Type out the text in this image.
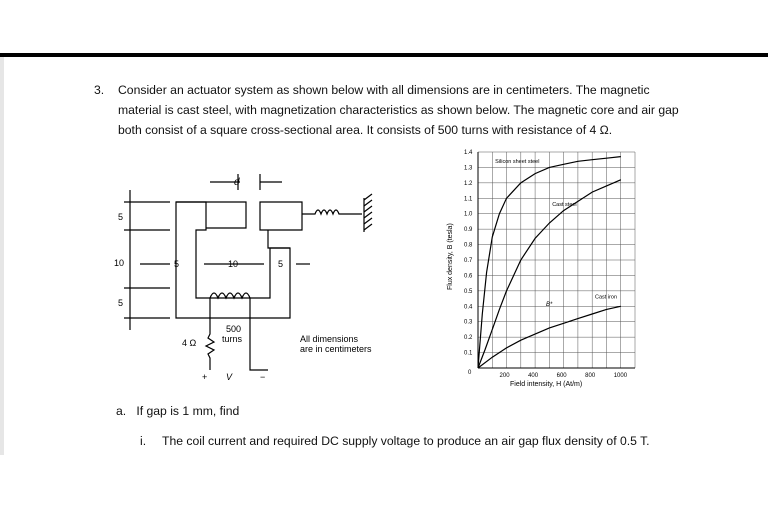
3. Consider an actuator system as shown below with all dimensions are in centimeters. The magnetic material is cast steel, with magnetization characteristics as shown below. The magnetic core and air gap both consist of a square cross-sectional area. It consists of 500 turns with resistance of 4 Ω.
d
5
10
5
5	10	5
500
turns
4 Ω
+ V	−
All dimensions
are in centimeters	0.1
0.2
0.3
0.4
0.5
0.6
0.7
0.8
0.9
1.0
1.1
1.2
1.3
1.4
200	400	600	800	1000
Silicon sheet steel
Cast steel
Cast iron
Flux density, B (tesla)
Field intensity, H (At/m)
0
B*
a. If gap is 1 mm, find
i. The coil current and required DC supply voltage to produce an air gap flux density of 0.5 T.
